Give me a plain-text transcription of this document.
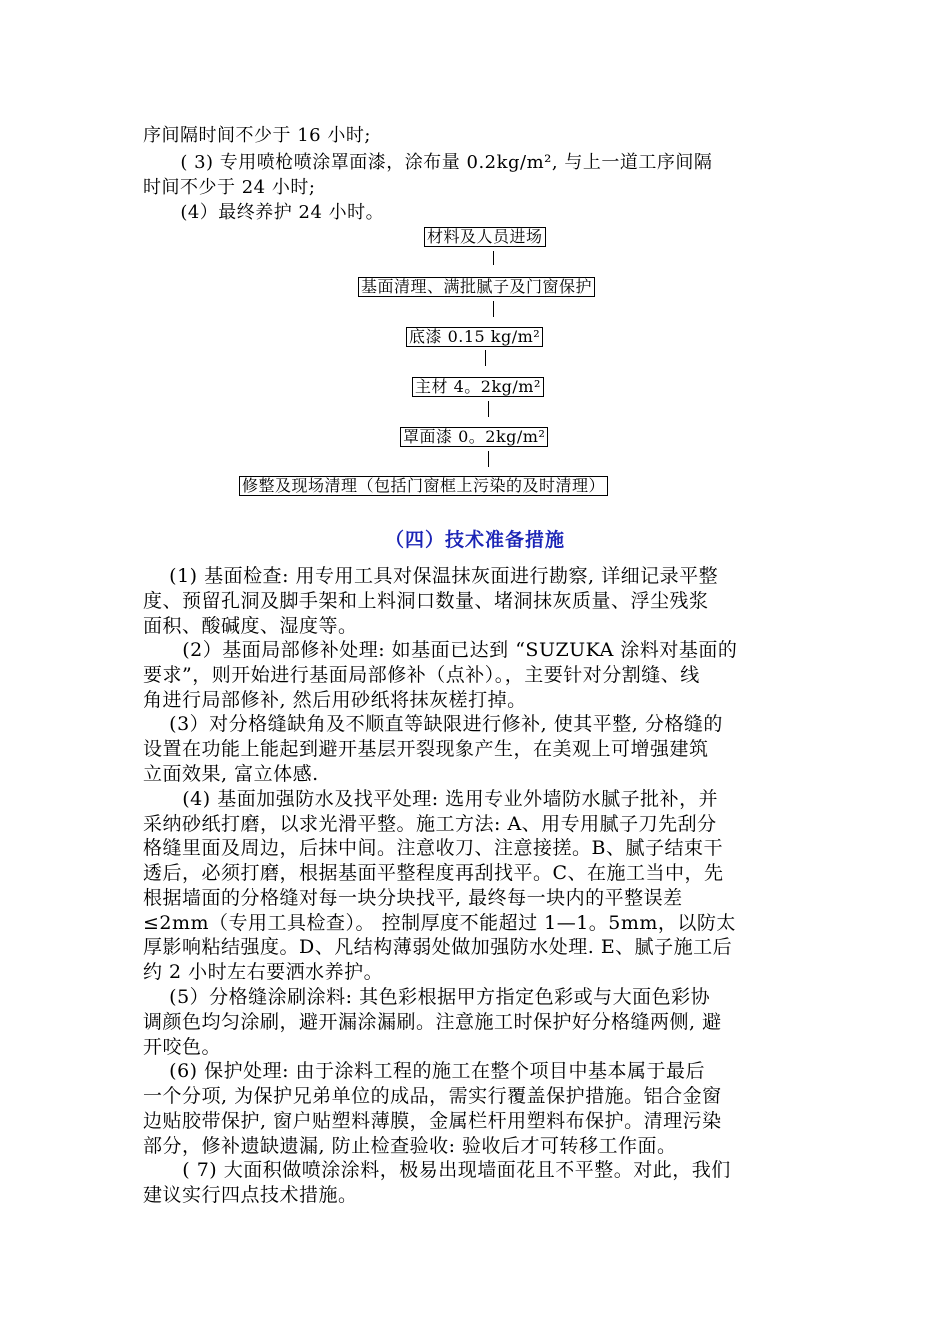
序间隔时间不少于 16 小时;
( 3) 专用喷枪喷涂罩面漆，涂布量 0.2kg/m², 与上一道工序间隔
时间不少于 24 小时;
(4）最终养护 24 小时。
材料及人员进场
基面清理、满批腻子及门窗保护
底漆 0.15 kg/m²
主材 4。2kg/m²
罩面漆 0。2kg/m²
修整及现场清理（包括门窗框上污染的及时清理）
（四）技术准备措施
(1) 基面检查: 用专用工具对保温抹灰面进行勘察, 详细记录平整
度、预留孔洞及脚手架和上料洞口数量、堵洞抹灰质量、浮尘残浆
面积、酸碱度、湿度等。
(2）基面局部修补处理: 如基面已达到 “SUZUKA 涂料对基面的
要求”，则开始进行基面局部修补（点补）。，主要针对分割缝、线
角进行局部修补, 然后用砂纸将抹灰槎打掉。
(3）对分格缝缺角及不顺直等缺限进行修补, 使其平整, 分格缝的
设置在功能上能起到避开基层开裂现象产生，在美观上可增强建筑
立面效果, 富立体感.
(4) 基面加强防水及找平处理: 选用专业外墙防水腻子批补，并
采纳砂纸打磨，以求光滑平整。施工方法: A、用专用腻子刀先刮分
格缝里面及周边，后抹中间。注意收刀、注意接搓。B、腻子结束干
透后，必须打磨，根据基面平整程度再刮找平。C、在施工当中，先
根据墙面的分格缝对每一块分块找平, 最终每一块内的平整误差
≤2mm（专用工具检查）。 控制厚度不能超过 1—1。5mm，以防太
厚影响粘结强度。D、凡结构薄弱处做加强防水处理. E、腻子施工后
约 2 小时左右要洒水养护。
(5）分格缝涂刷涂料: 其色彩根据甲方指定色彩或与大面色彩协
调颜色均匀涂刷，避开漏涂漏刷。注意施工时保护好分格缝两侧, 避
开咬色。
(6) 保护处理: 由于涂料工程的施工在整个项目中基本属于最后
一个分项, 为保护兄弟单位的成品，需实行覆盖保护措施。铝合金窗
边贴胶带保护, 窗户贴塑料薄膜，金属栏杆用塑料布保护。清理污染
部分，修补遗缺遗漏, 防止检查验收: 验收后才可转移工作面。
( 7) 大面积做喷涂涂料，极易出现墙面花且不平整。对此，我们
建议实行四点技术措施。
